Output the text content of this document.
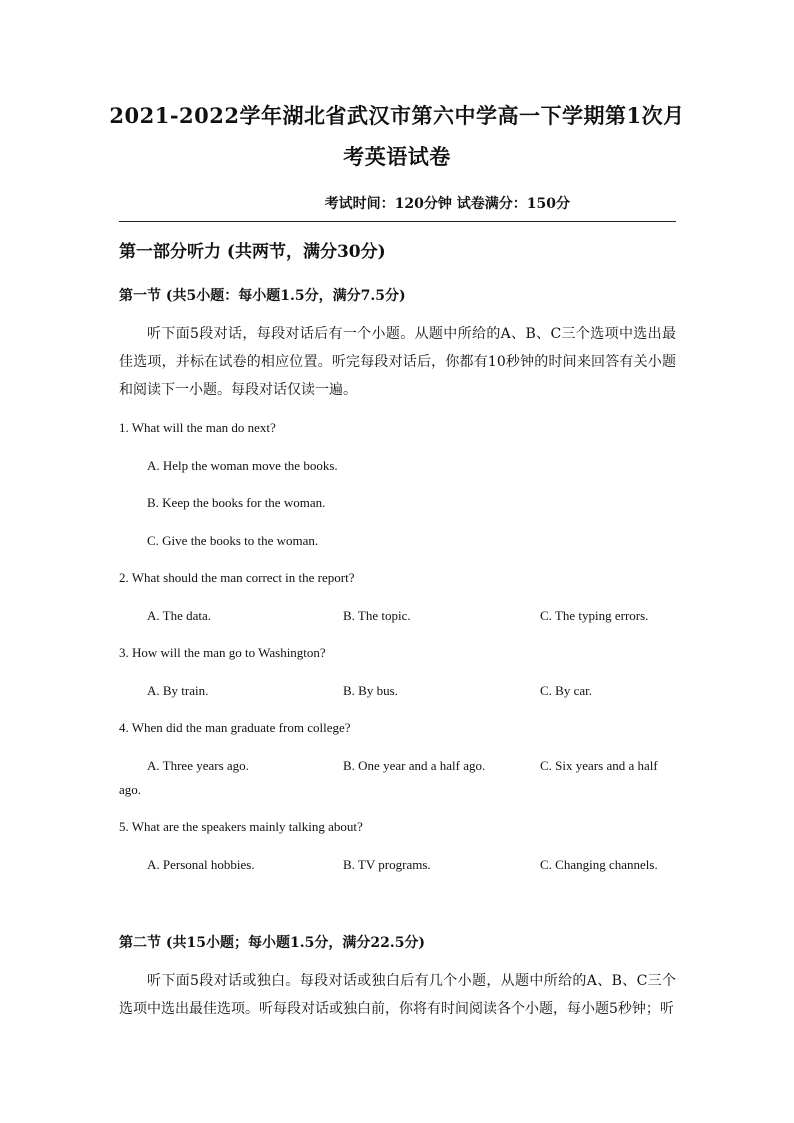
2021-2022学年湖北省武汉市第六中学高一下学期第1次月
考英语试卷
考试时间：120分钟 试卷满分：150分
第一部分听力 (共两节，满分30分)
第一节 (共5小题：每小题1.5分，满分7.5分)
听下面5段对话，每段对话后有一个小题。从题中所给的A、B、C三个选项中选出最佳选项，并标在试卷的相应位置。听完每段对话后，你都有10秒钟的时间来回答有关小题和阅读下一小题。每段对话仅读一遍。
1. What will the man do next?
A. Help the woman move the books.
B. Keep the books for the woman.
C. Give the books to the woman.
2. What should the man correct in the report?
A. The data.	B. The topic.	C. The typing errors.
3. How will the man go to Washington?
A. By train.	B. By bus.	C. By car.
4. When did the man graduate from college?
A. Three years ago.	B. One year and a half ago.	C. Six years and a half
ago.
5. What are the speakers mainly talking about?
A. Personal hobbies.	B. TV programs.	C. Changing channels.
第二节 (共15小题；每小题1.5分，满分22.5分)
听下面5段对话或独白。每段对话或独白后有几个小题，从题中所给的A、B、C三个选项中选出最佳选项。听每段对话或独白前，你将有时间阅读各个小题，每小题5秒钟；听
